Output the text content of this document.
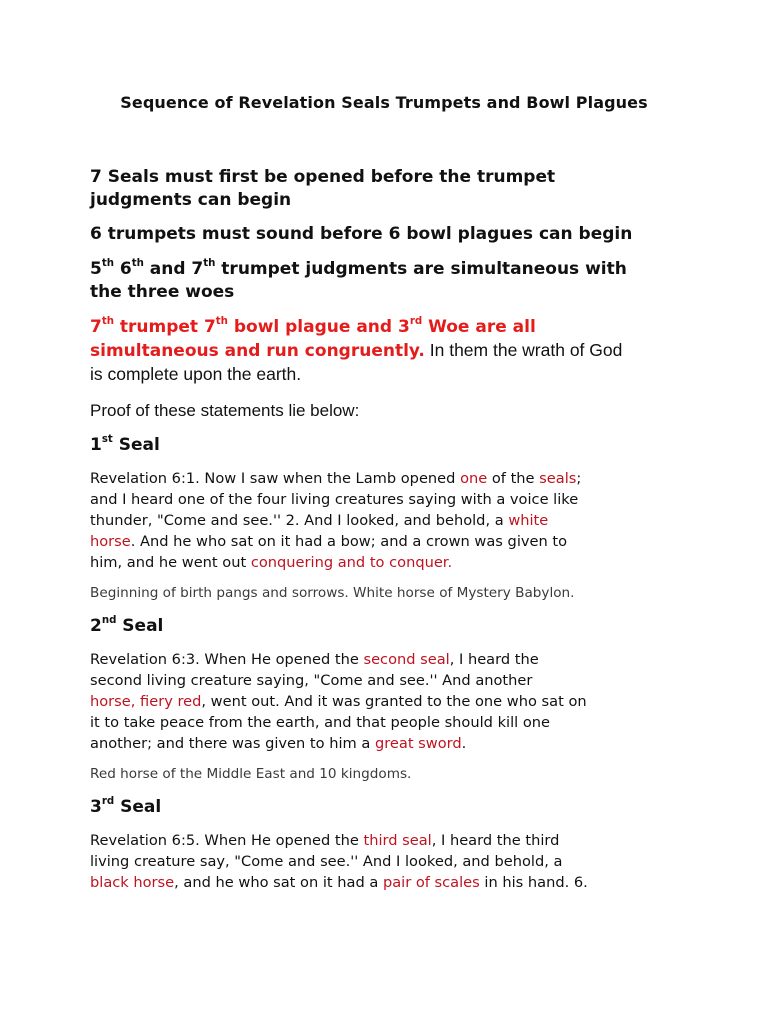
Sequence of Revelation Seals Trumpets and Bowl Plagues
7 Seals must first be opened before the trumpet
judgments can begin
6 trumpets must sound before 6 bowl plagues can begin
5th 6th and 7th trumpet judgments are simultaneous with
the three woes
7th trumpet 7th bowl plague and 3rd Woe are all
simultaneous and run congruently. In them the wrath of God
is complete upon the earth.
Proof of these statements lie below:
1st Seal
Revelation 6:1. Now I saw when the Lamb opened one of the seals;
and I heard one of the four living creatures saying with a voice like
thunder, "Come and see.'' 2. And I looked, and behold, a white
horse. And he who sat on it had a bow; and a crown was given to
him, and he went out conquering and to conquer.
Beginning of birth pangs and sorrows. White horse of Mystery Babylon.
2nd Seal
Revelation 6:3. When He opened the second seal, I heard the
second living creature saying, "Come and see.'' And another
horse, fiery red, went out. And it was granted to the one who sat on
it to take peace from the earth, and that people should kill one
another; and there was given to him a great sword.
Red horse of the Middle East and 10 kingdoms.
3rd Seal
Revelation 6:5. When He opened the third seal, I heard the third
living creature say, "Come and see.'' And I looked, and behold, a
black horse, and he who sat on it had a pair of scales in his hand. 6.
